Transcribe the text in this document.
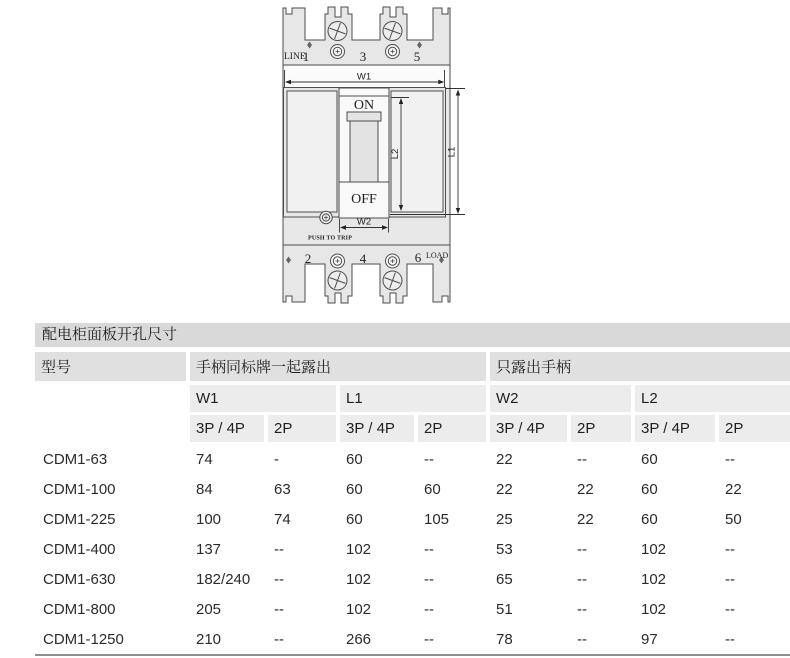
ON
OFF
PUSH TO TRIP
LINE
1	3	5
2	4	6 LOAD
W1
W2
L2	L1
配电柜面板开孔尺寸
型号	手柄同标牌一起露出	只露出手柄
W1	L1	W2	L2
3P / 4P	2P	3P / 4P	2P	3P / 4P	2P	3P / 4P	2P
CDM1-63	74	-	60	--	22	--	60	--
CDM1-100	84	63	60	60	22	22	60	22
CDM1-225	100	74	60	105	25	22	60	50
CDM1-400	137	--	102	--	53	--	102	--
CDM1-630	182/240	--	102	--	65	--	102	--
CDM1-800	205	--	102	--	51	--	102	--
CDM1-1250	210	--	266	--	78	--	97	--
